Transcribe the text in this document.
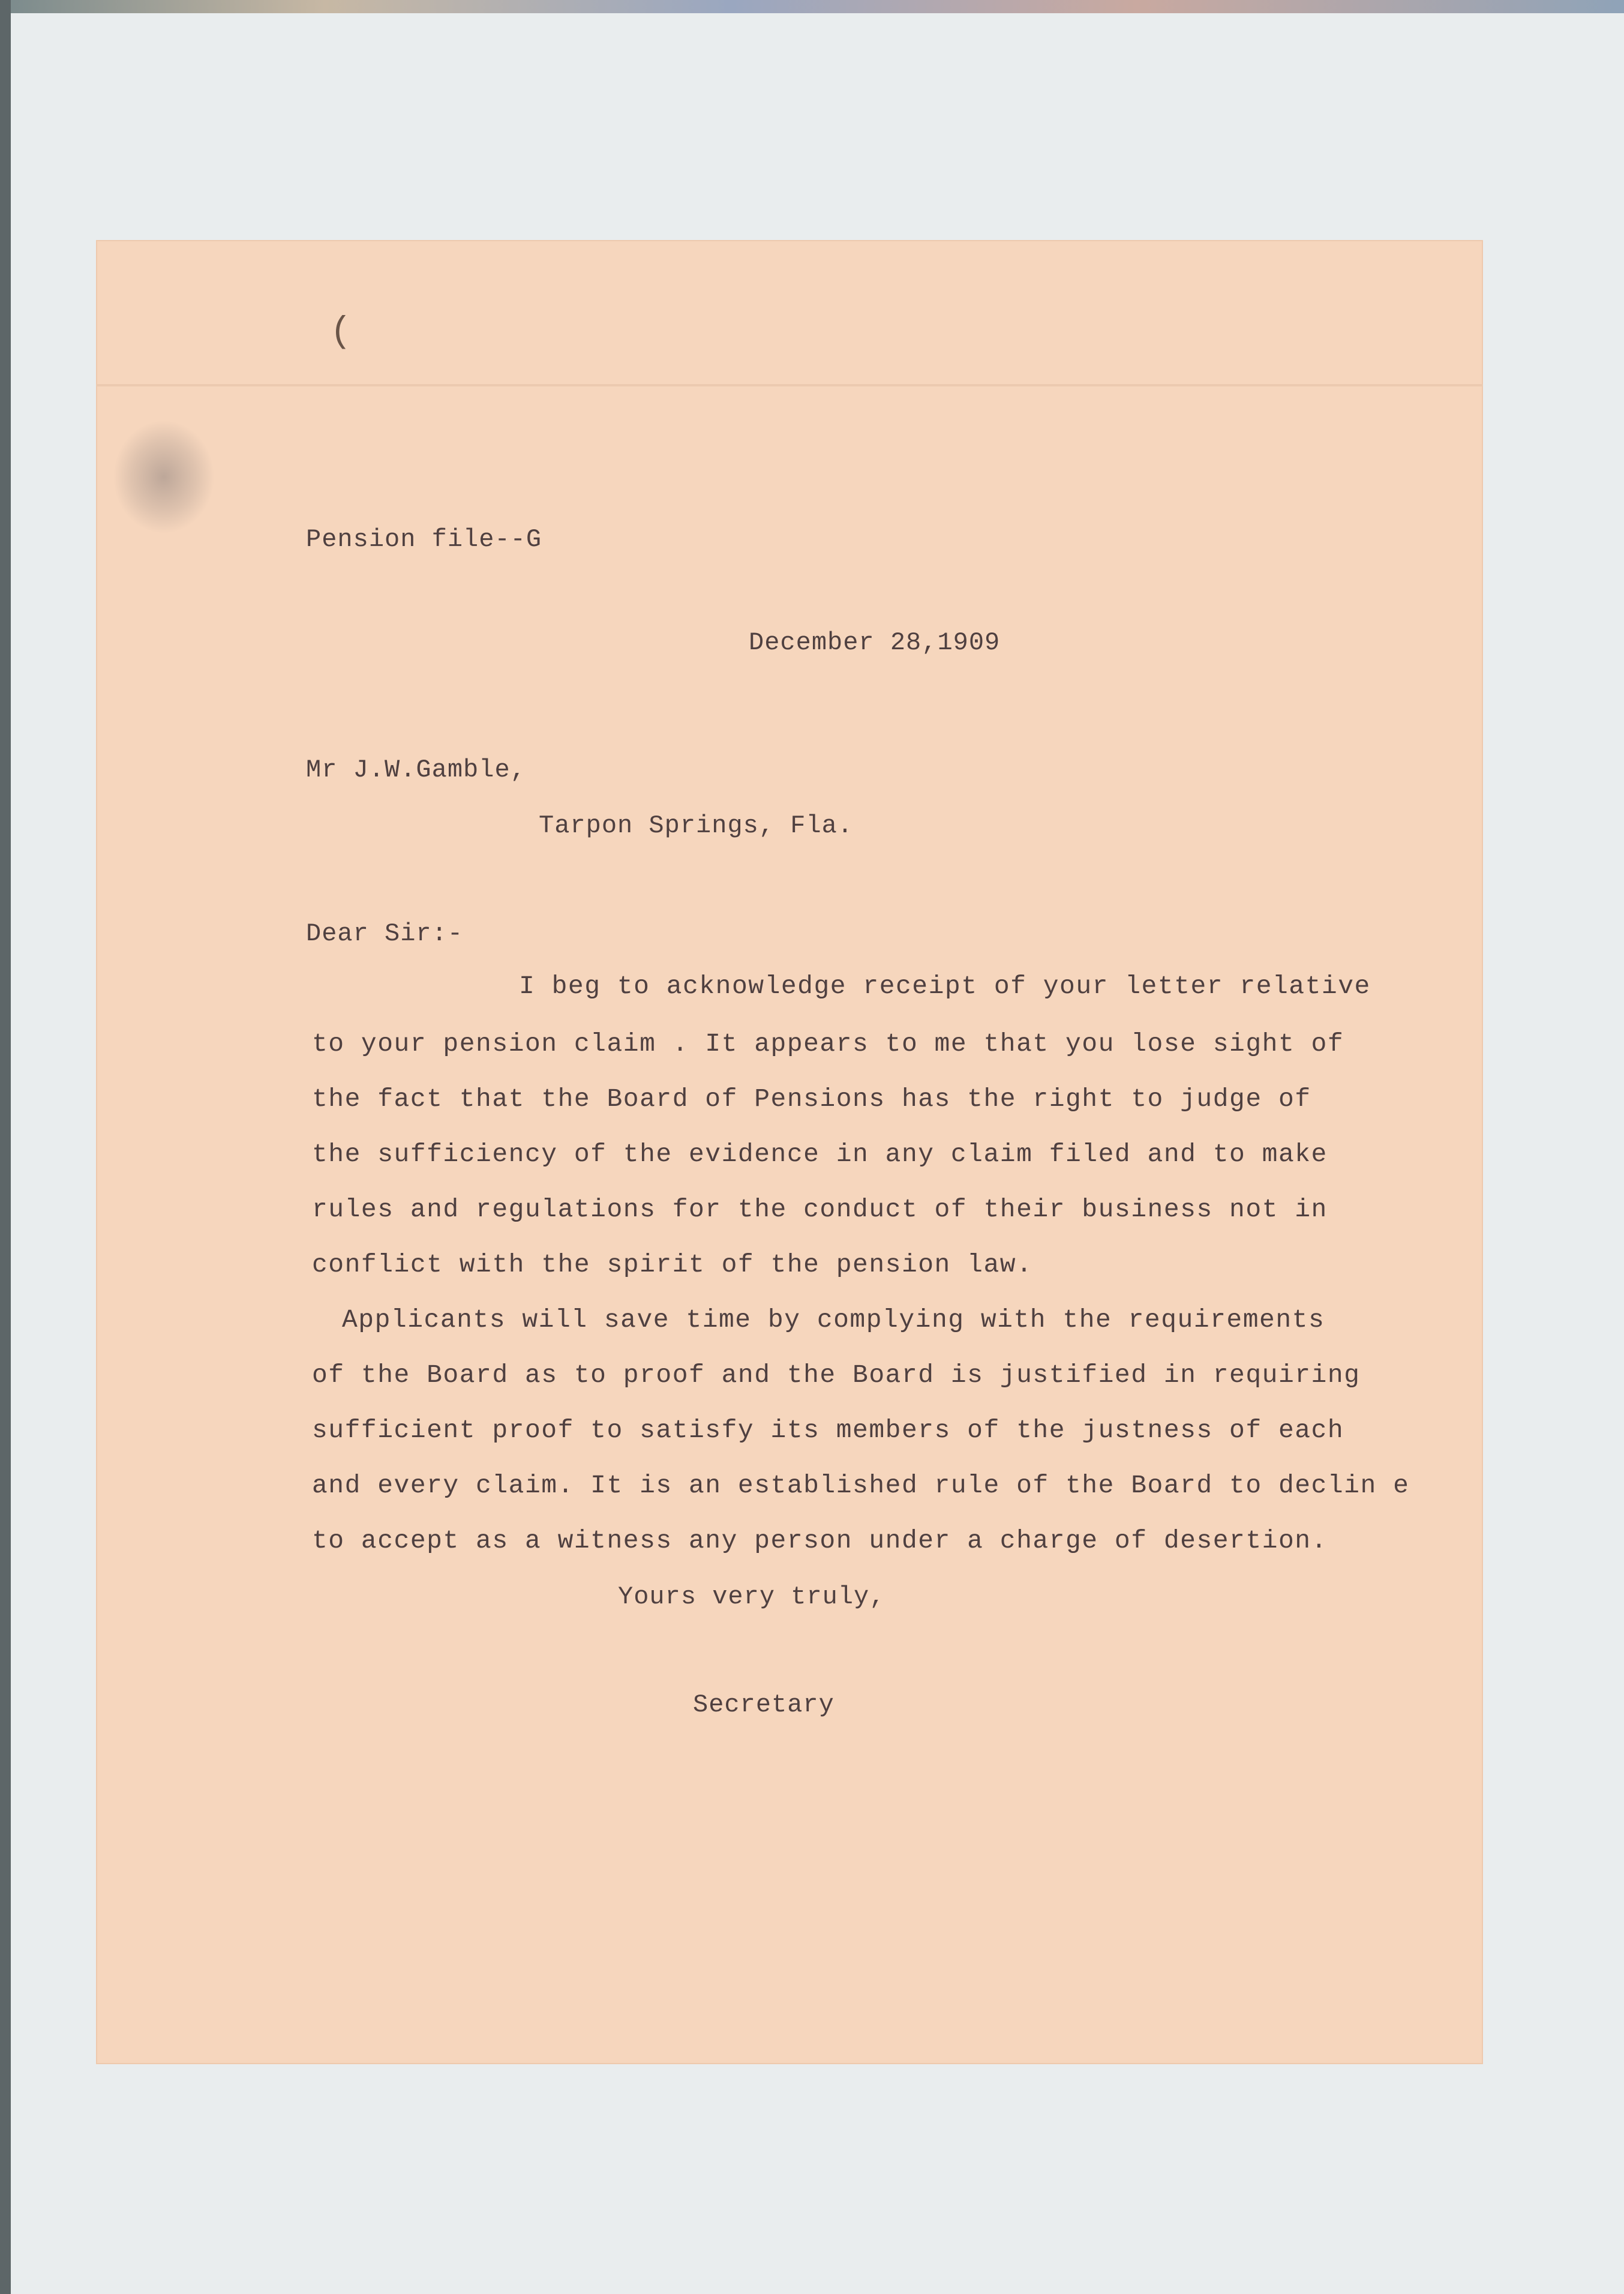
(
Pension file--G
December 28,1909
Mr J.W.Gamble,
Tarpon Springs, Fla.
Dear Sir:-
I beg to acknowledge receipt of your letter relative
to your pension claim . It appears to me that you lose sight of
the fact that the Board of Pensions has the right to judge of
the sufficiency of the evidence in any claim filed and to make
rules and regulations for the conduct of their business not in
conflict with the spirit of the pension law.
Applicants will save time by complying with the requirements
of the Board as to proof and the Board is justified in requiring
sufficient proof to satisfy its members of the justness of each
and every claim. It is an established rule of the Board to declin e
to accept as a witness any person under a charge of desertion.
Yours very truly,
Secretary
